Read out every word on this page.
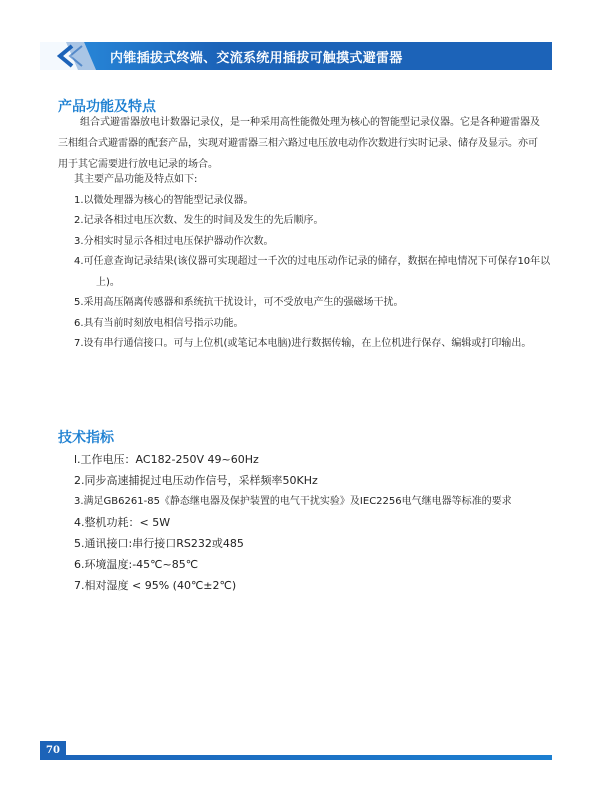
内锥插拔式终端、交流系统用插拔可触摸式避雷器
产品功能及特点

组合式避雷器放电计数器记录仪，是一种采用高性能微处理为核心的智能型记录仪器。它是各种避雷器及三相组合式避雷器的配套产品，实现对避雷器三相六路过电压放电动作次数进行实时记录、储存及显示。亦可用于其它需要进行放电记录的场合。

其主要产品功能及特点如下:
1.以微处理器为核心的智能型记录仪器。
2.记录各相过电压次数、发生的时间及发生的先后顺序。
3.分相实时显示各相过电压保护器动作次数。
4.可任意查询记录结果(该仪器可实现超过一千次的过电压动作记录的储存，数据在掉电情况下可保存10年以
上)。
5.采用高压隔离传感器和系统抗干扰设计，可不受放电产生的强磁场干扰。
6.具有当前时刻放电相信号指示功能。
7.设有串行通信接口。可与上位机(或笔记本电脑)进行数据传输，在上位机进行保存、编辑或打印输出。
技术指标
l.工作电压：AC182-250V 49~60Hz
2.同步高速捕捉过电压动作信号，采样频率50KHz
3.满足GB6261-85《静态继电器及保护装置的电气干扰实验》及IEC2256电气继电器等标准的要求
4.整机功耗：< 5W
5.通讯接口:串行接口RS232或485
6.环境温度:-45℃~85℃
7.相对湿度 < 95% (40℃±2℃)
70
